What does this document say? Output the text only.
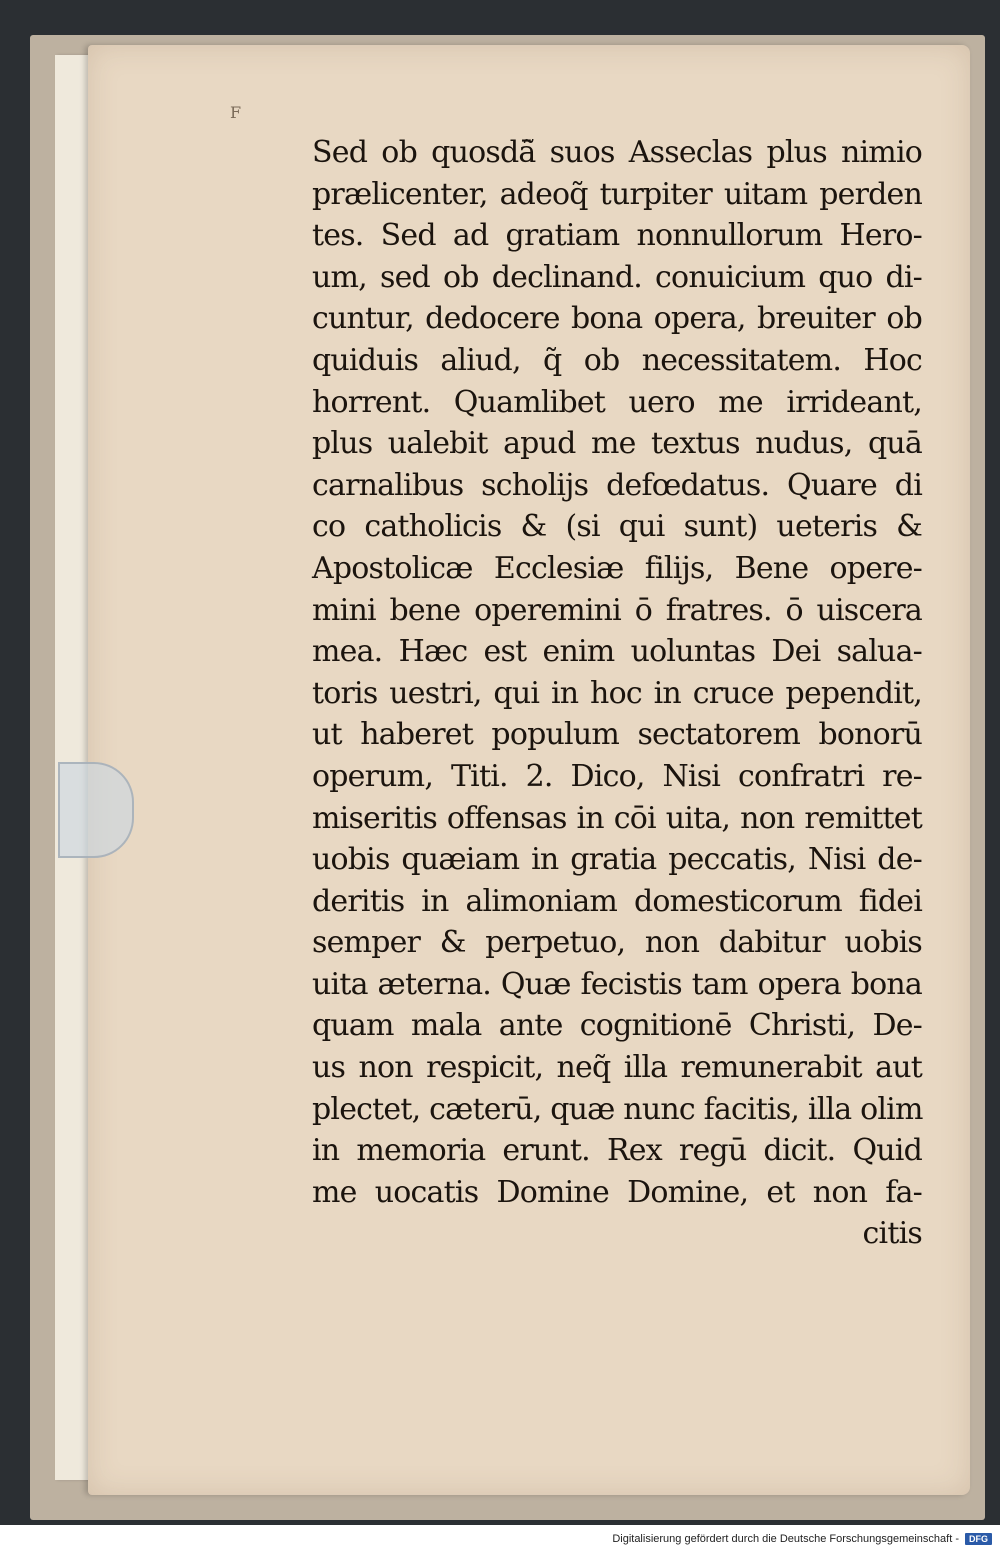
F
Sed ob quosdā̃ suos Asseclas plus nimio
prælicenter, adeoq̃ turpiter uitam perden
tes. Sed ad gratiam nonnullorum Hero-
um, sed ob declinand. conuicium quo di-
cuntur, dedocere bona opera, breuiter ob
quiduis aliud, q̃ ob necessitatem. Hoc
horrent. Quamlibet uero me irrideant,
plus ualebit apud me textus nudus, quā
carnalibus scholijs defœdatus. Quare di
co catholicis & (si qui sunt) ueteris &
Apostolicæ Ecclesiæ filijs, Bene opere-
mini bene operemini ō fratres. ō uiscera
mea. Hæc est enim uoluntas Dei salua-
toris uestri, qui in hoc in cruce pependit,
ut haberet populum sectatorem bonorū
operum, Titi. 2. Dico, Nisi confratri re-
miseritis offensas in cōi uita, non remittet
uobis quæiam in gratia peccatis, Nisi de-
deritis in alimoniam domesticorum fidei
semper & perpetuo, non dabitur uobis
uita æterna. Quæ fecistis tam opera bona
quam mala ante cognitionē Christi, De-
us non respicit, neq̃ illa remunerabit aut
plectet, cæterū, quæ nunc facitis, illa olim
in memoria erunt. Rex regū dicit. Quid
me uocatis Domine Domine, et non fa-
citis
Digitalisierung gefördert durch die Deutsche Forschungsgemeinschaft -	DFG
